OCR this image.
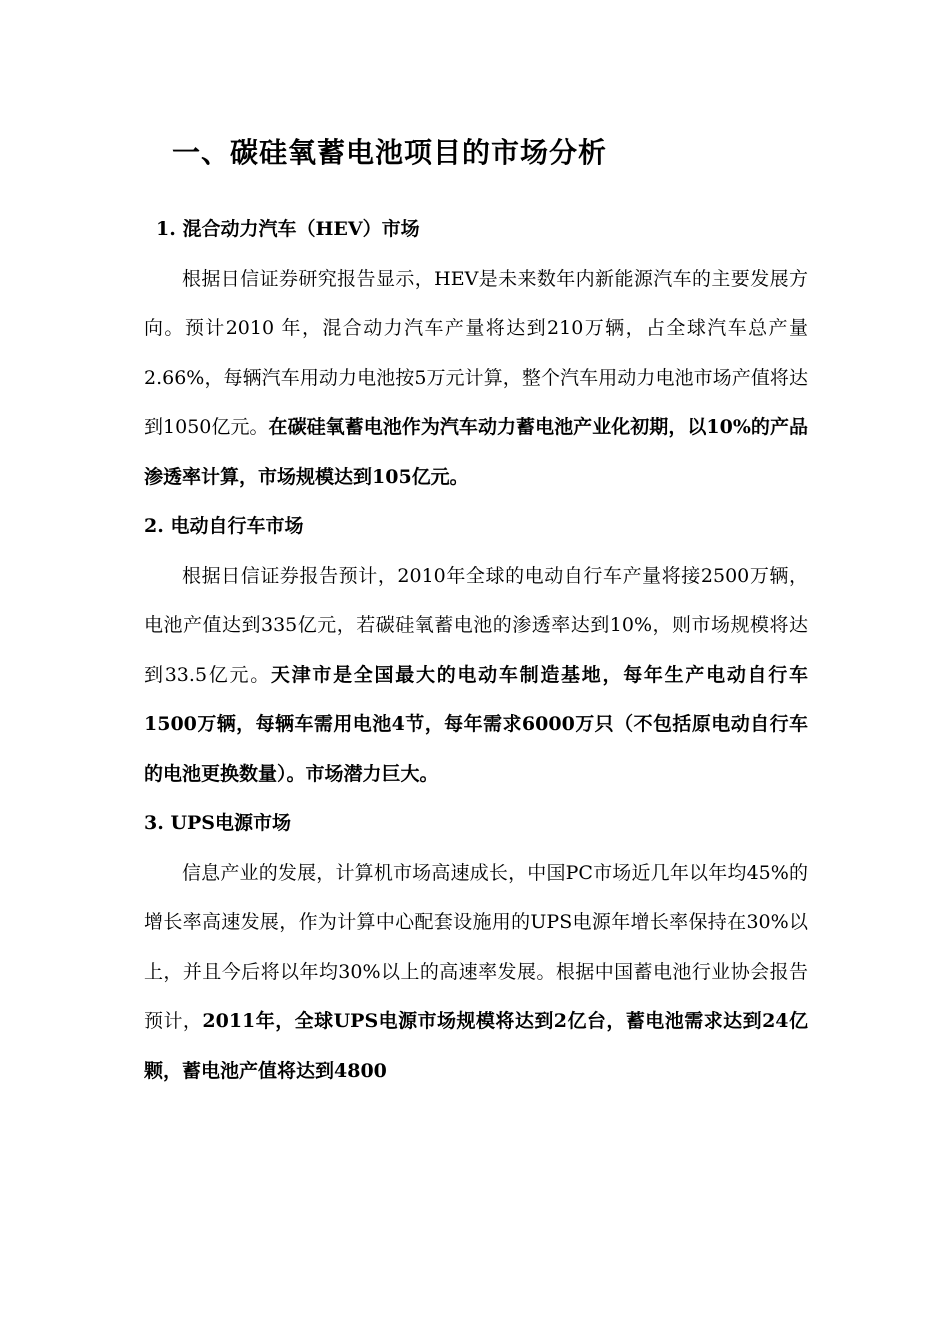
一、碳硅氧蓄电池项目的市场分析
1. 混合动力汽车（HEV）市场
根据日信证券研究报告显示，HEV是未来数年内新能源汽车的主要发展方向。预计2010 年，混合动力汽车产量将达到210万辆，占全球汽车总产量2.66%，每辆汽车用动力电池按5万元计算，整个汽车用动力电池市场产值将达到1050亿元。在碳硅氧蓄电池作为汽车动力蓄电池产业化初期，以10%的产品渗透率计算，市场规模达到105亿元。
2. 电动自行车市场
根据日信证券报告预计，2010年全球的电动自行车产量将接2500万辆，电池产值达到335亿元，若碳硅氧蓄电池的渗透率达到10%，则市场规模将达到33.5亿元。天津市是全国最大的电动车制造基地，每年生产电动自行车1500万辆，每辆车需用电池4节，每年需求6000万只（不包括原电动自行车的电池更换数量）。市场潜力巨大。
3. UPS电源市场
信息产业的发展，计算机市场高速成长，中国PC市场近几年以年均45%的增长率高速发展，作为计算中心配套设施用的UPS电源年增长率保持在30%以上，并且今后将以年均30%以上的高速率发展。根据中国蓄电池行业协会报告预计，2011年，全球UPS电源市场规模将达到2亿台，蓄电池需求达到24亿颗，蓄电池产值将达到4800
